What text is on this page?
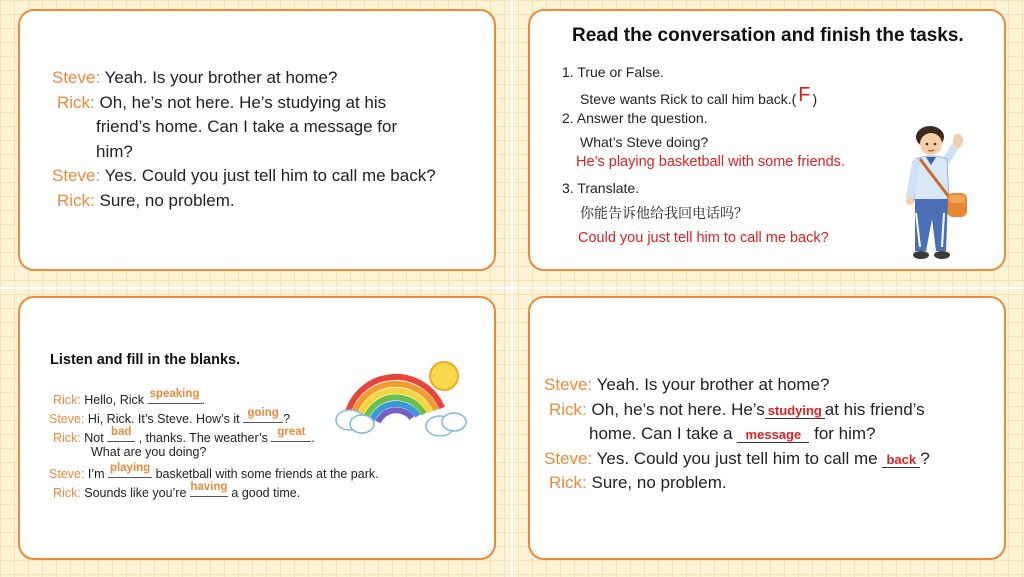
Steve: Yeah. Is your brother at home?
Rick: Oh, he’s not here. He’s studying at his
friend’s home. Can I take a message for
him?
Steve: Yes. Could you just tell him to call me back?
Rick: Sure, no problem.
Read the conversation and finish the tasks.
1. True or False.
Steve wants Rick to call him back.( F )
2. Answer the question.
What’s Steve doing?
He’s playing basketball with some friends.
3. Translate.
你能告诉他给我回电话吗？
Could you just tell him to call me back?
Listen and fill in the blanks.
Rick: Hello, Rick speaking .
Steve: Hi, Rick. It’s Steve. How’s it going ?
Rick: Not bad , thanks. The weather’s great .
What are you doing?
Steve: I’m playing basketball with some friends at the park.
Rick: Sounds like you’re having a good time.
Steve: Yeah. Is your brother at home?
Rick: Oh, he’s not here. He’s studying at his friend’s
home. Can I take a message for him?
Steve: Yes. Could you just tell him to call me back ?
Rick: Sure, no problem.
